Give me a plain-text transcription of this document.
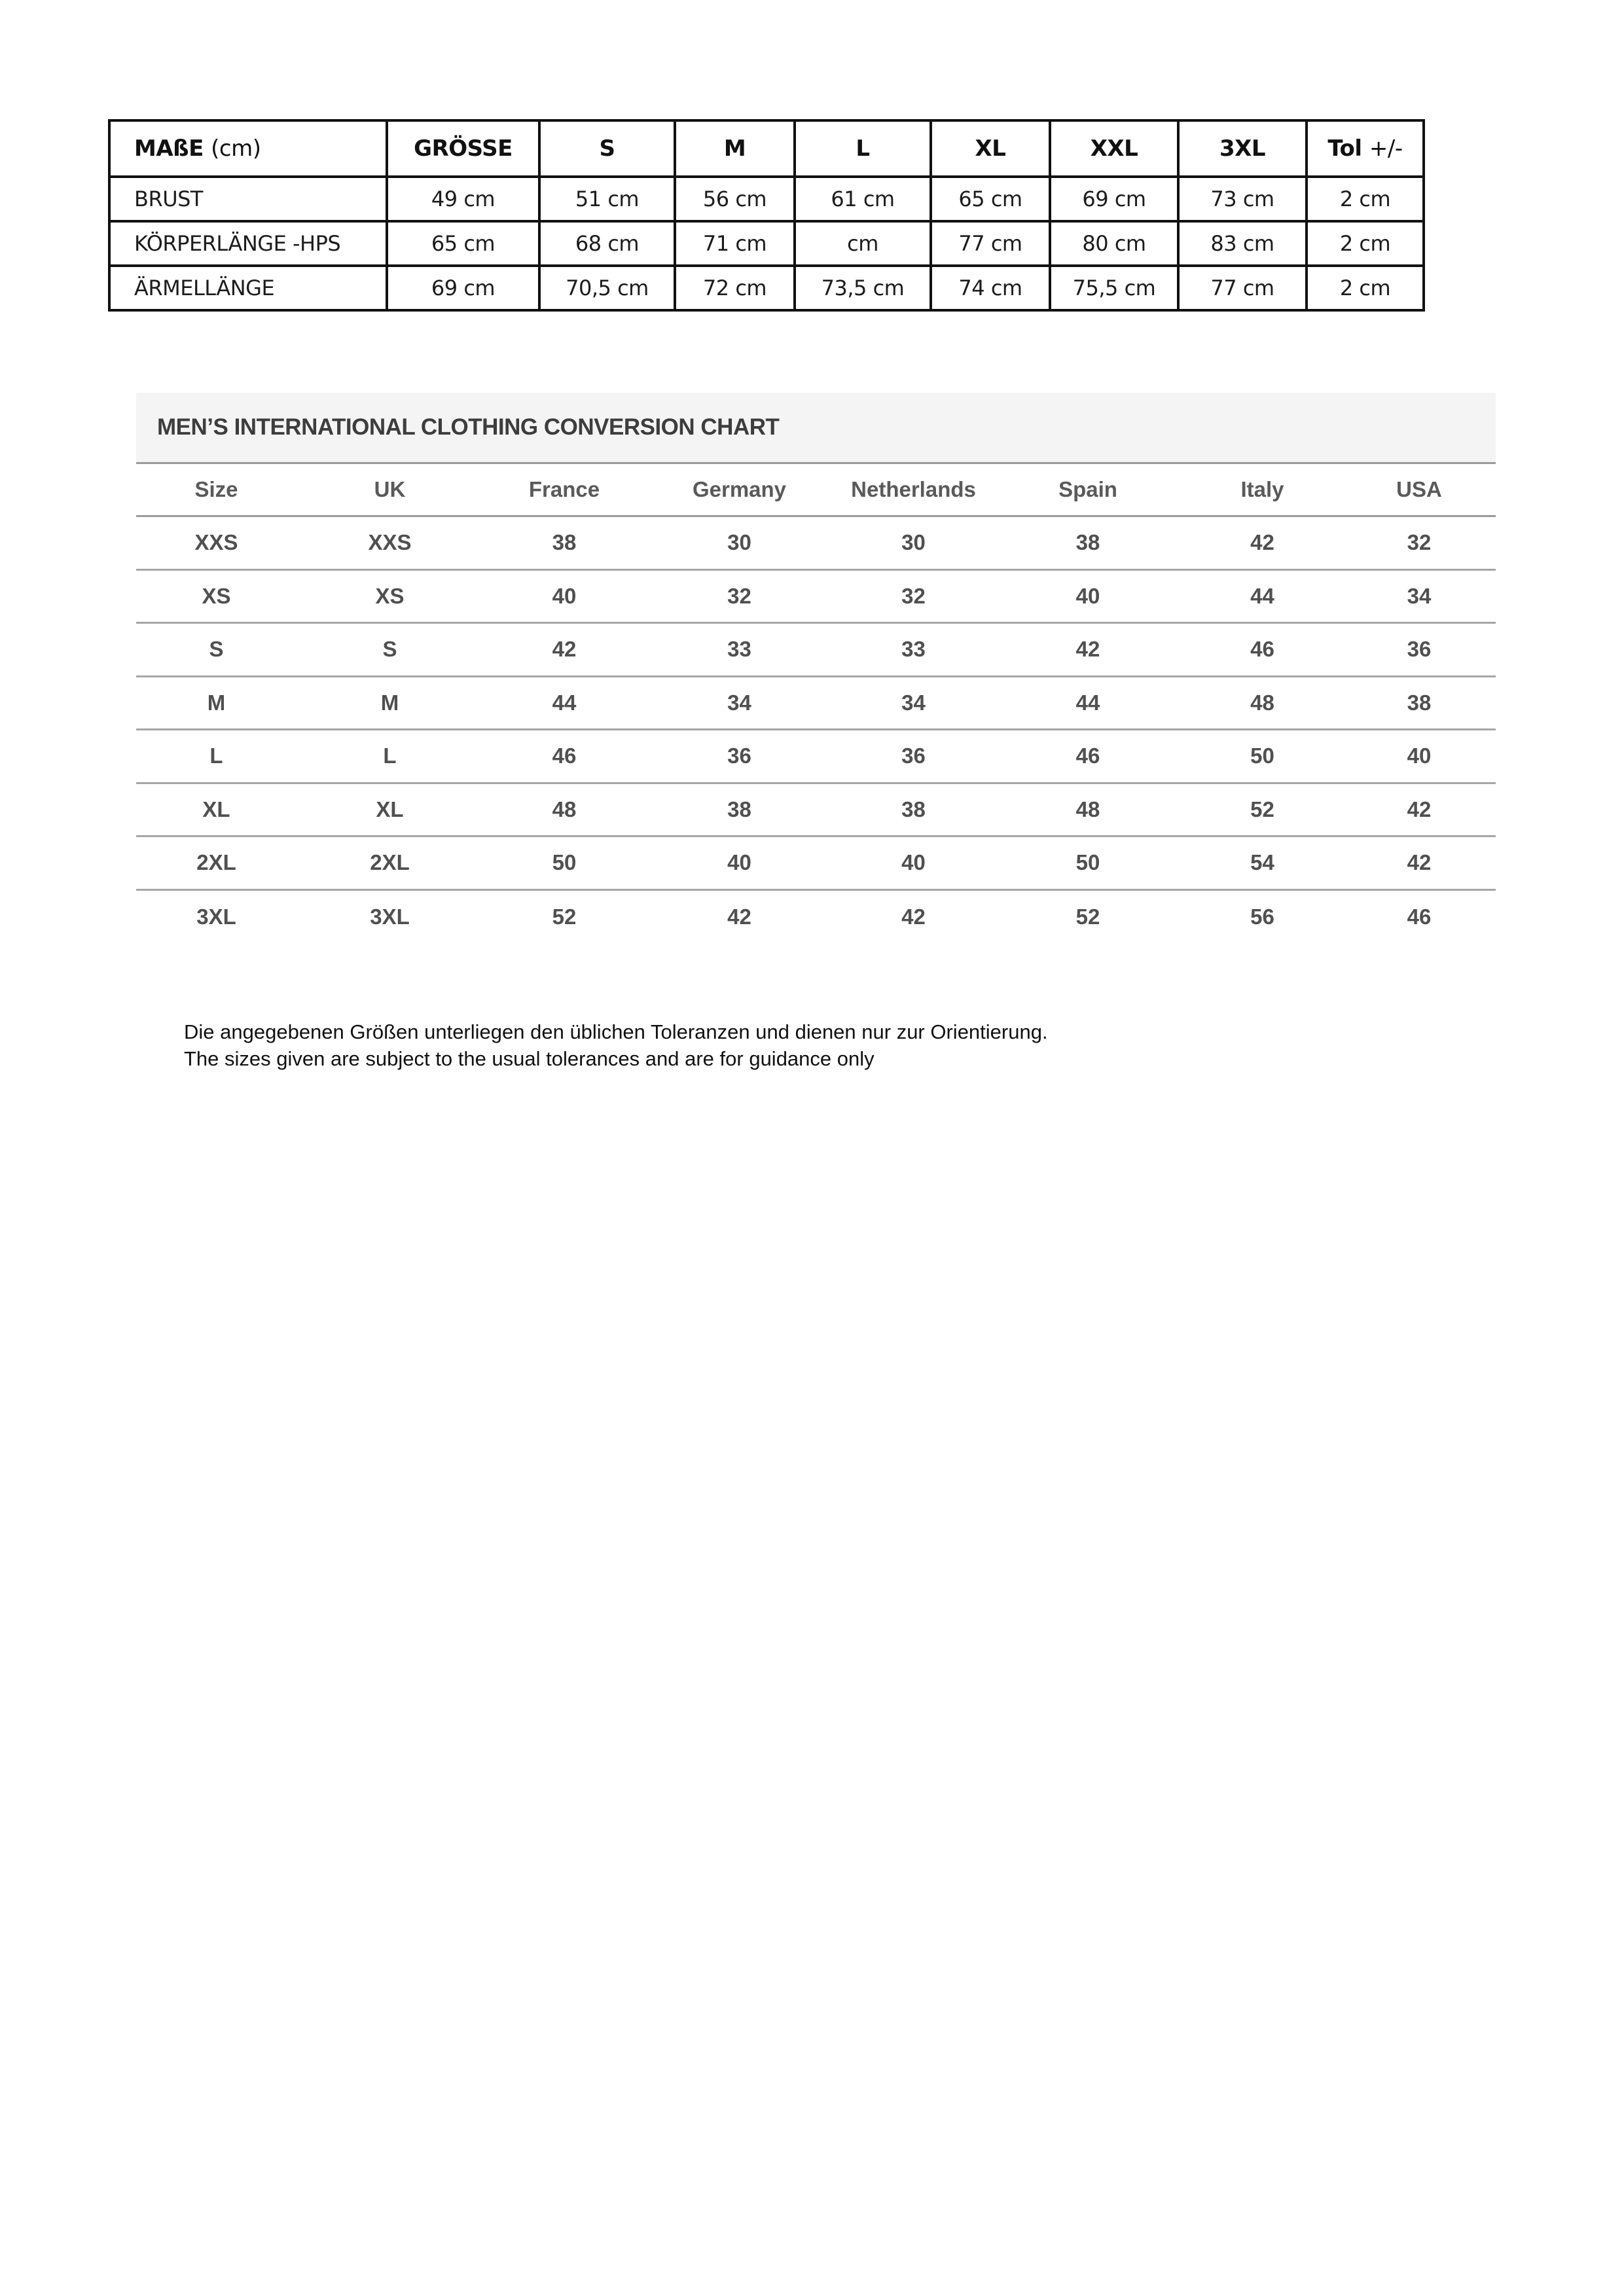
MAßE (cm)	GRÖSSE	S	M	L	XL	XXL	3XL	Tol +/-
BRUST	49 cm	51 cm	56 cm	61 cm	65 cm	69 cm	73 cm	2 cm
KÖRPERLÄNGE -HPS	65 cm	68 cm	71 cm	cm	77 cm	80 cm	83 cm	2 cm
ÄRMELLÄNGE	69 cm	70,5 cm	72 cm	73,5 cm	74 cm	75,5 cm	77 cm	2 cm
MEN’S INTERNATIONAL CLOTHING CONVERSION CHART
Size	UK	France	Germany	Netherlands	Spain	Italy	USA
XXS	XXS	38	30	30	38	42	32
XS	XS	40	32	32	40	44	34
S	S	42	33	33	42	46	36
M	M	44	34	34	44	48	38
L	L	46	36	36	46	50	40
XL	XL	48	38	38	48	52	42
2XL	2XL	50	40	40	50	54	42
3XL	3XL	52	42	42	52	56	46

Die angegebenen Größen unterliegen den üblichen Toleranzen und dienen nur zur Orientierung.

The sizes given are subject to the usual tolerances and are for guidance only
